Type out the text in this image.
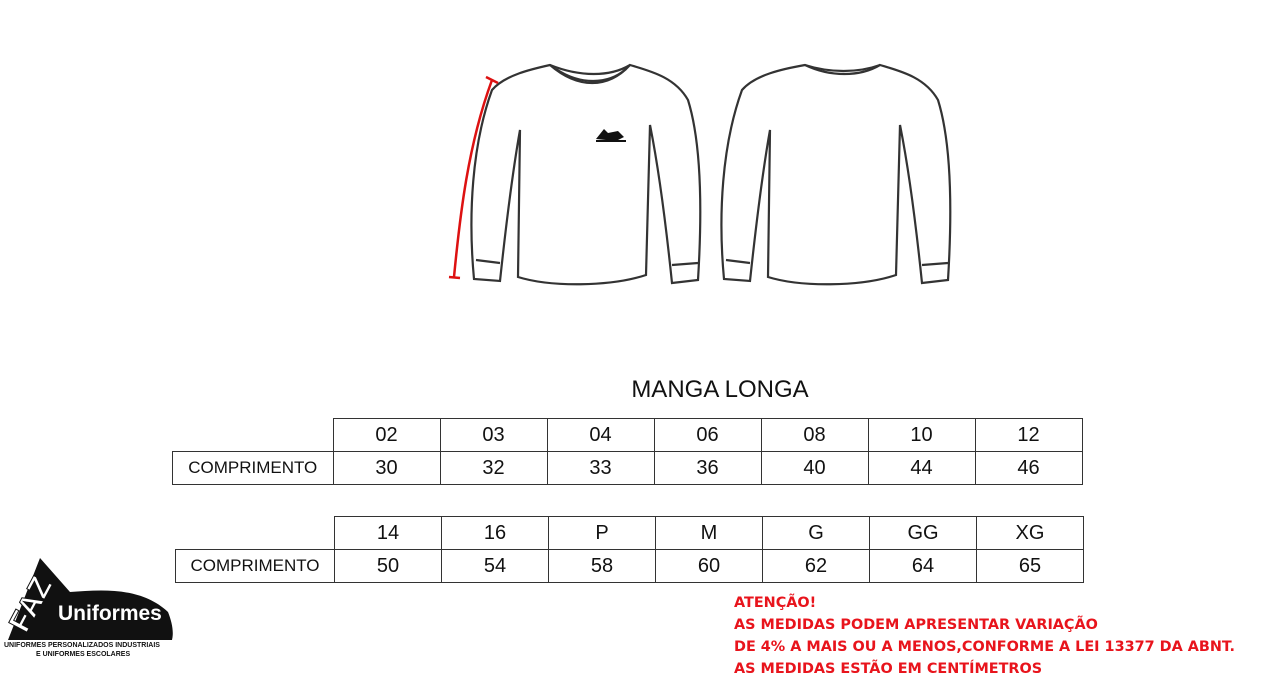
MANGA LONGA
	02	03	04	06	08	10	12
COMPRIMENTO	30	32	33	36	40	44	46
	14	16	P	M	G	GG	XG
COMPRIMENTO	50	54	58	60	62	64	65
ATENÇÃO!
AS MEDIDAS PODEM APRESENTAR VARIAÇÃO
DE 4% A MAIS OU A MENOS,CONFORME A LEI 13377 DA ABNT.
AS MEDIDAS ESTÃO EM CENTÍMETROS
FAZ Uniformes
UNIFORMES PERSONALIZADOS INDUSTRIAIS
E UNIFORMES ESCOLARES
